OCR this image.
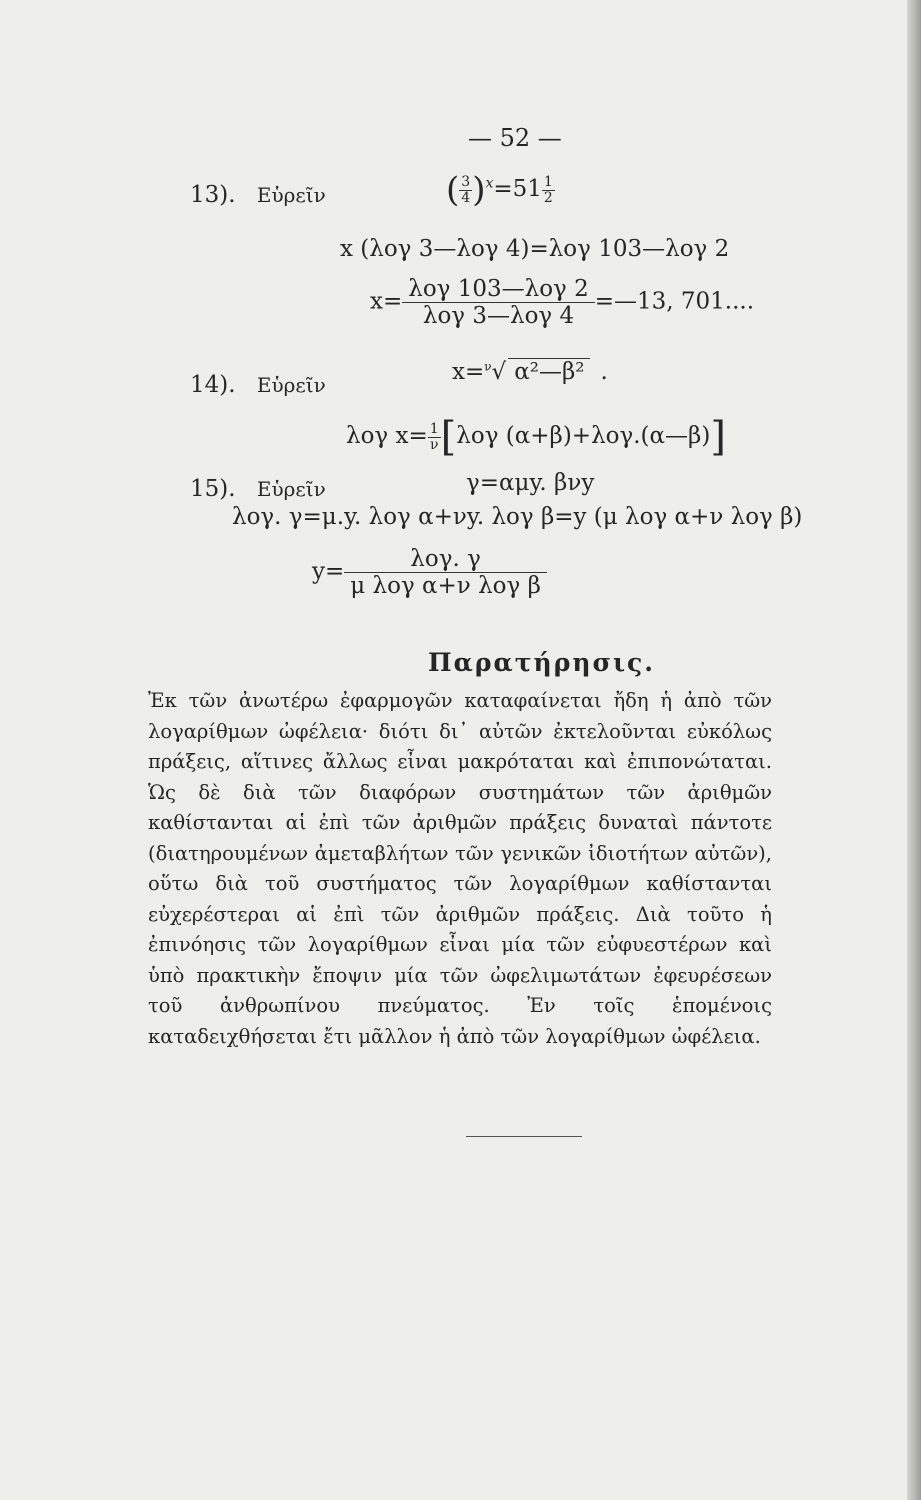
— 52 —
13). Εὑρεῖν	( $\frac{3}{4} )^x=51 \frac{1}{2}$
x (λογ 3—λογ 4)=λογ 103—λογ 2
$x= \frac{\text{λογ 103—λογ 2}}{\text{λογ 3—λογ 4}}$ =—13, 701....
14). Εὑρεῖν	x=$^\nu$√ α²—β² .
λογ $x= \frac{1}{\nu} [\lambda o\gamma$ (α+β)+λογ.(α—β)]
15). Εὑρεῖν	γ=αμy. βνy
λογ. γ=μ.y. λογ α+νy. λογ β=y (μ λογ α+ν λογ β)
$y= \frac{\text{λογ. γ}}{\text{μ λογ α+ν λογ β}}$
Παρατήρησις.

Ἐκ τῶν ἀνωτέρω ἐφαρμογῶν καταφαίνεται ἤδη ἡ ἀπὸ τῶν λογαρίθμων ὠφέλεια· διότι δι᾽ αὐτῶν ἐκτελοῦνται εὐκόλως πράξεις, αἵτινες ἄλλως εἶναι μακρόταται καὶ ἐπιπονώταται. Ὡς δὲ διὰ τῶν διαφόρων συστημάτων τῶν ἀριθμῶν καθίστανται αἱ ἐπὶ τῶν ἀριθμῶν πράξεις δυναταὶ πάντοτε (διατηρουμένων ἀμεταβλήτων τῶν γενικῶν ἰδιοτήτων αὐτῶν), οὕτω διὰ τοῦ συστήματος τῶν λογαρίθμων καθίστανται εὐχερέστεραι αἱ ἐπὶ τῶν ἀριθμῶν πράξεις. Διὰ τοῦτο ἡ ἐπινόησις τῶν λογαρίθμων εἶναι μία τῶν εὐφυεστέρων καὶ ὑπὸ πρακτικὴν ἔποψιν μία τῶν ὠφελιμωτάτων ἐφευρέσεων τοῦ ἀνθρωπίνου πνεύματος. Ἐν τοῖς ἑπομένοις καταδειχθήσεται ἔτι μᾶλλον ἡ ἀπὸ τῶν λογαρίθμων ὠφέλεια.
